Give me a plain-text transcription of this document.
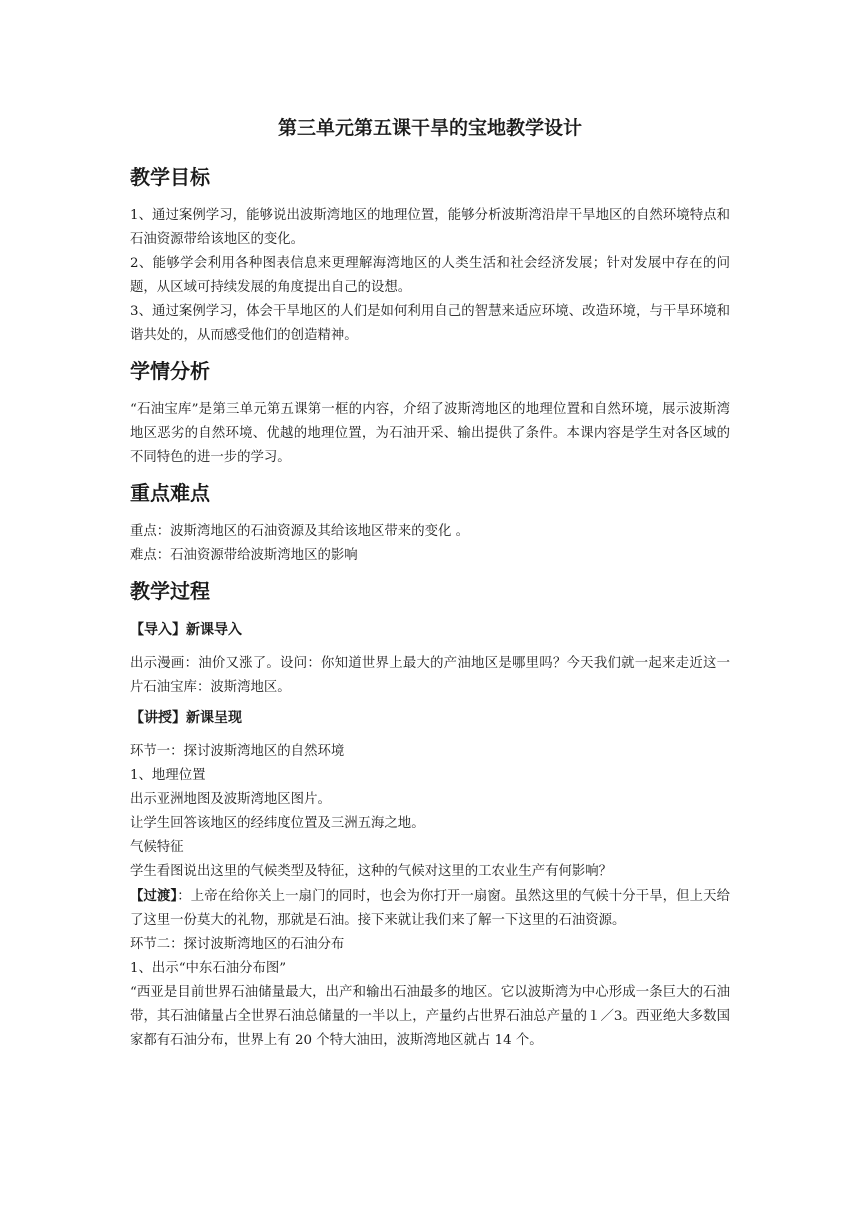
第三单元第五课干旱的宝地教学设计
教学目标

1、通过案例学习，能够说出波斯湾地区的地理位置，能够分析波斯湾沿岸干旱地区的自然环境特点和石油资源带给该地区的变化。

2、能够学会利用各种图表信息来更理解海湾地区的人类生活和社会经济发展；针对发展中存在的问题，从区域可持续发展的角度提出自己的设想。

3、通过案例学习，体会干旱地区的人们是如何利用自己的智慧来适应环境、改造环境，与干旱环境和谐共处的，从而感受他们的创造精神。

学情分析

“石油宝库”是第三单元第五课第一框的内容，介绍了波斯湾地区的地理位置和自然环境，展示波斯湾地区恶劣的自然环境、优越的地理位置，为石油开采、输出提供了条件。本课内容是学生对各区域的不同特色的进一步的学习。

重点难点

重点：波斯湾地区的石油资源及其给该地区带来的变化 。

难点：石油资源带给波斯湾地区的影响

教学过程
【导入】新课导入

出示漫画：油价又涨了。设问：你知道世界上最大的产油地区是哪里吗？今天我们就一起来走近这一片石油宝库：波斯湾地区。

【讲授】新课呈现

环节一：探讨波斯湾地区的自然环境

1、地理位置

出示亚洲地图及波斯湾地区图片。

让学生回答该地区的经纬度位置及三洲五海之地。

气候特征

学生看图说出这里的气候类型及特征，这种的气候对这里的工农业生产有何影响？

【过渡】：上帝在给你关上一扇门的同时，也会为你打开一扇窗。虽然这里的气候十分干旱，但上天给了这里一份莫大的礼物，那就是石油。接下来就让我们来了解一下这里的石油资源。

环节二：探讨波斯湾地区的石油分布

1、出示“中东石油分布图”

“西亚是目前世界石油储量最大，出产和输出石油最多的地区。它以波斯湾为中心形成一条巨大的石油带，其石油储量占全世界石油总储量的一半以上，产量约占世界石油总产量的１／3。西亚绝大多数国家都有石油分布，世界上有 20 个特大油田，波斯湾地区就占 14 个。
